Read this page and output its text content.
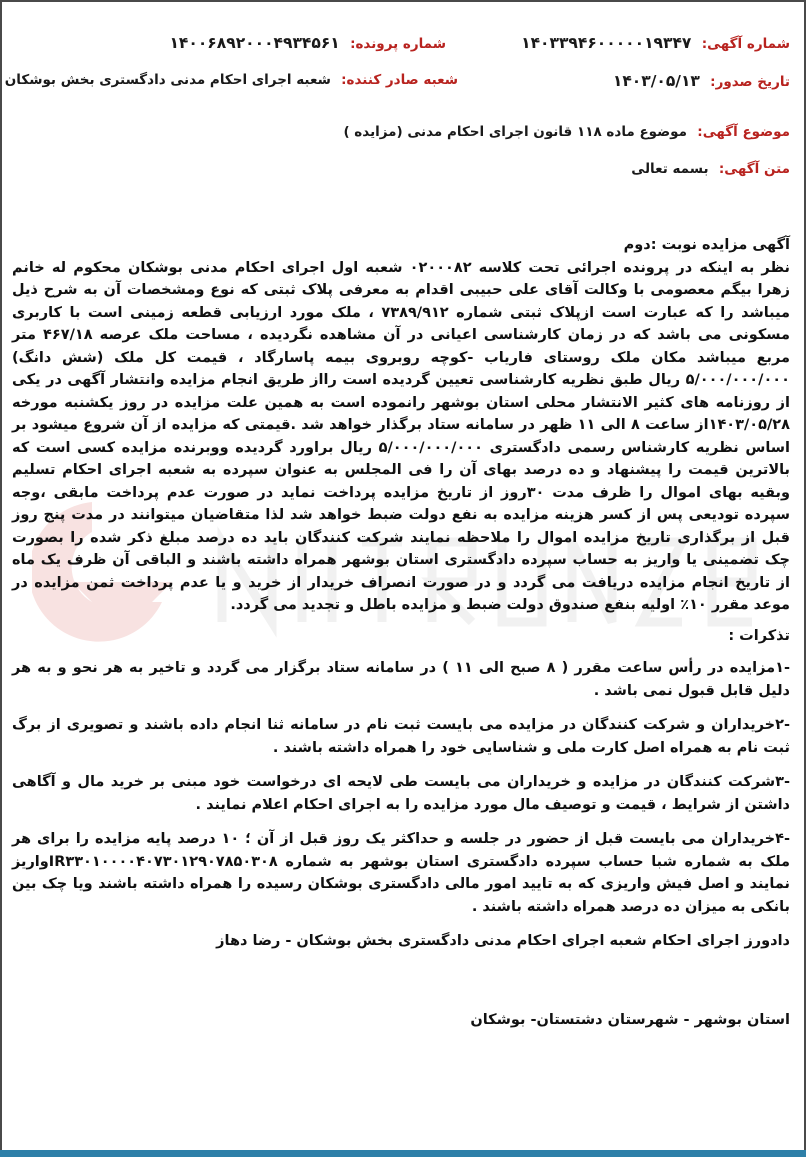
شماره آگهی: ۱۴۰۳۳۹۴۶۰۰۰۰۰۱۹۳۴۷
شماره پرونده: ۱۴۰۰۶۸۹۲۰۰۰۴۹۳۴۵۶۱
تاریخ صدور: ۱۴۰۳/۰۵/۱۳
شعبه صادر کننده: شعبه اجرای احکام مدنی دادگستری بخش بوشکان
موضوع آگهی: موضوع ماده ۱۱۸ قانون اجرای احکام مدنی (مزایده )
متن آگهی: بسمه تعالی

آگهی مزایده نوبت :دوم

نظر به اینکه در پرونده اجرائی تحت کلاسه ۰۲۰۰۰۸۲ شعبه اول اجرای احکام مدنی بوشکان محکوم له خانم زهرا بیگم معصومی با وکالت آقای علی حبیبی اقدام به معرفی پلاک ثبتی که نوع ومشخصات آن به شرح ذیل میباشد را که عبارت است ازپلاک ثبتی شماره ۷۳۸۹/۹۱۲ ، ملک مورد ارزیابی قطعه زمینی است با کاربری مسکونی می باشد که در زمان کارشناسی اعیانی در آن مشاهده نگردیده ، مساحت ملک عرصه ۴۶۷/۱۸ متر مربع میباشد مکان ملک روستای فاریاب -کوچه روبروی بیمه پاسارگاد ، قیمت کل ملک (شش دانگ) ۵/۰۰۰/۰۰۰/۰۰۰ ریال طبق نظریه کارشناسی تعیین گردیده است رااز طریق انجام مزایده وانتشار آگهی در یکی از روزنامه های کثیر الانتشار محلی استان بوشهر رانموده است به همین علت مزایده در روز یکشنبه مورخه ۱۴۰۳/۰۵/۲۸از ساعت ۸ الی ۱۱ ظهر در سامانه ستاد برگذار خواهد شد .قیمتی که مزایده از آن شروع میشود بر اساس نظریه کارشناس رسمی دادگستری ۵/۰۰۰/۰۰۰/۰۰۰ ریال براورد گردیده ووبرنده مزایده کسی است که بالاترین قیمت را پیشنهاد و ده درصد بهای آن را فی المجلس به عنوان سپرده به شعبه اجرای احکام تسلیم وبقیه بهای اموال را ظرف مدت ۳۰روز از تاریخ مزایده پرداخت نماید در صورت عدم پرداخت مابقی ،وجه سپرده تودیعی پس از کسر هزینه مزایده به نفع دولت ضبط خواهد شد لذا متقاضیان میتوانند در مدت پنج روز قبل از برگذاری تاریخ مزایده اموال را ملاحظه نمایند شرکت کنندگان باید ده درصد مبلغ ذکر شده را بصورت چک تضمینی یا واریز به حساب سپرده دادگستری استان بوشهر همراه داشته باشند و الباقی آن ظرف یک ماه از تاریخ انجام مزایده دریافت می گردد و در صورت انصراف خریدار از خرید و یا عدم پرداخت ثمن مزایده در موعد مقرر ۱۰٪ اولیه بنفع صندوق دولت ضبط و مزایده باطل و تجدید می گردد.

تذکرات :

-۱مزایده در رأس ساعت مقرر ( ۸ صبح الی ۱۱ ) در سامانه ستاد برگزار می گردد و تاخیر به هر نحو و به هر دلیل قابل قبول نمی باشد .

-۲خریداران و شرکت کنندگان در مزایده می بایست ثبت نام در سامانه ثنا انجام داده باشند و تصویری از برگ ثبت نام به همراه اصل کارت ملی و شناسایی خود را همراه داشته باشند .

-۳شرکت کنندگان در مزایده و خریداران می بایست طی لایحه ای درخواست خود مبنی بر خرید مال و آگاهی داشتن از شرایط ، قیمت و توصیف مال مورد مزایده را به اجرای احکام اعلام نمایند .

-۴خریداران می بایست قبل از حضور در جلسه و حداکثر یک روز قبل از آن ؛ ۱۰ درصد پایه مزایده را برای هر ملک به شماره شبا حساب سپرده دادگستری استان بوشهر به شماره IR۳۳۰۱۰۰۰۰۴۰۷۳۰۱۲۹۰۷۸۵۰۳۰۸واریز نمایند و اصل فیش واریزی که به تایید امور مالی دادگستری بوشکان رسیده را همراه داشته باشند ویا چک بین بانکی به میزان ده درصد همراه داشته باشند .

دادورز اجرای احکام شعبه اجرای احکام مدنی دادگستری بخش بوشکان - رضا دهاز

استان بوشهر - شهرستان دشتستان- بوشکان
